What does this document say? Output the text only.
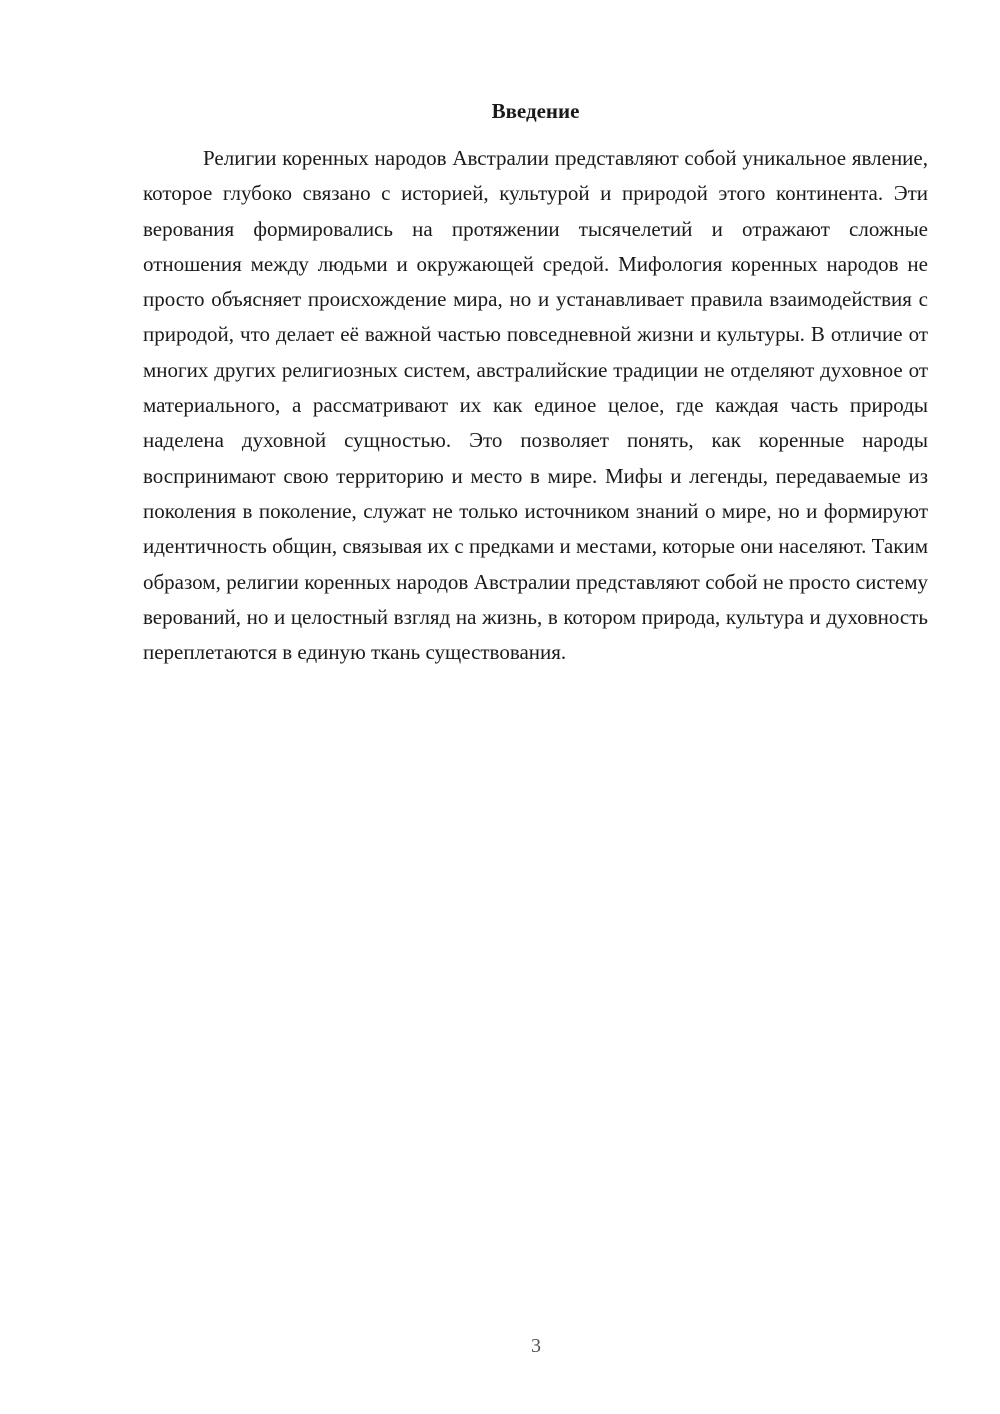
Введение

Религии коренных народов Австралии представляют собой уникальное явление, которое глубоко связано с историей, культурой и природой этого континента. Эти верования формировались на протяжении тысячелетий и отражают сложные отношения между людьми и окружающей средой. Мифология коренных народов не просто объясняет происхождение мира, но и устанавливает правила взаимодействия с природой, что делает её важной частью повседневной жизни и культуры. В отличие от многих других религиозных систем, австралийские традиции не отделяют духовное от материального, а рассматривают их как единое целое, где каждая часть природы наделена духовной сущностью. Это позволяет понять, как коренные народы воспринимают свою территорию и место в мире. Мифы и легенды, передаваемые из поколения в поколение, служат не только источником знаний о мире, но и формируют идентичность общин, связывая их с предками и местами, которые они населяют. Таким образом, религии коренных народов Австралии представляют собой не просто систему верований, но и целостный взгляд на жизнь, в котором природа, культура и духовность переплетаются в единую ткань существования.

3
